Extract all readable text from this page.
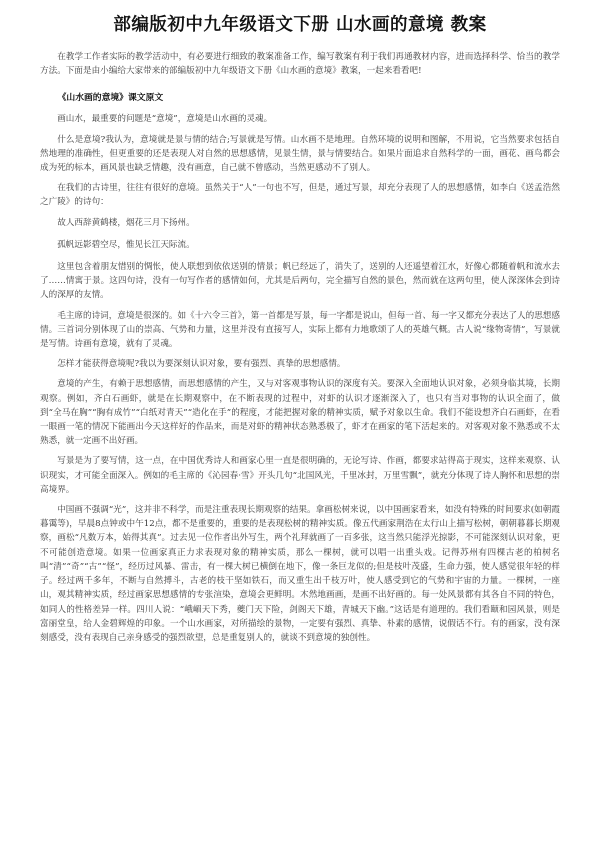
部编版初中九年级语文下册 山水画的意境 教案

在教学工作者实际的教学活动中，有必要进行细致的教案准备工作，编写教案有利于我们再通教材内容，进而选择科学、恰当的教学方法。下面是由小编给大家带来的部编版初中九年级语文下册《山水画的意境》教案，一起来看看吧!

《山水画的意境》课文原文

画山水，最重要的问题是“意境”，意境是山水画的灵魂。

什么是意境?我认为，意境就是景与情的结合;写景就是写情。山水画不是地理。自然环境的说明和图解，不用说，它当然要求包括自然地理的准确性，但更重要的还是表现人对自然的思想感情，见景生情，景与情要结合。如果片面追求自然科学的一面，画花、画鸟都会成为死的标本，画风景也缺乏情趣，没有画意，自己就不曾感动，当然更感动不了别人。

在我们的古诗里，往往有很好的意境。虽然关于“人”一句也不写，但是，通过写景，却充分表现了人的思想感情，如李白《送孟浩然之广陵》的诗句：

故人西辞黄鹤楼，烟花三月下扬州。

孤帆远影碧空尽，惟见长江天际流。

这里包含着朋友惜别的惆怅，使人联想到依依送别的情景；帆已经远了，消失了，送别的人还遥望着江水，好像心都随着帆和流水去了……情寓于景。这四句诗，没有一句写作者的感情如何，尤其是后两句，完全描写自然的景色，然而就在这两句里，使人深深体会到诗人的深厚的友情。

毛主席的诗词，意境是很深的。如《十六令三首》，第一首都是写景，每一字都是说山，但每一首、每一字又都充分表达了人的思想感情。三首词分别体现了山的崇高、气势和力量，这里并没有直接写人，实际上都有力地歌颂了人的英雄气概。古人说“缘物寄情”，写景就是写情。诗画有意境，就有了灵魂。

怎样才能获得意境呢?我以为要深刻认识对象，要有强烈、真挚的思想感情。

意境的产生，有赖于思想感情，而思想感情的产生，又与对客观事物认识的深度有关。要深入全面地认识对象，必须身临其境，长期观察。例如，齐白石画虾，就是在长期观察中，在不断表现的过程中，对虾的认识才逐渐深入了，也只有当对事物的认识全面了，做到“全马在胸”“胸有成竹”“白纸对青天”“造化在手”的程度，才能把握对象的精神实质，赋予对象以生命。我们不能设想齐白石画虾，在看一眼画一笔的情况下能画出今天这样好的作品来，而是对虾的精神状态熟悉极了，虾才在画家的笔下活起来的。对客观对象不熟悉或不太熟悉，就一定画不出好画。

写景是为了要写情，这一点，在中国优秀诗人和画家心里一直是很明确的，无论写诗、作画，都要求站得高于现实，这样来观察、认识现实，才可能全面深入。例如的毛主席的《沁园春·雪》开头几句“北国风光，千里冰封，万里雪飘”，就充分体现了诗人胸怀和思想的崇高境界。

中国画不强调“光”，这并非不科学，而是注重表现长期观察的结果。拿画松树来说，以中国画家看来，如没有特殊的时间要求(如朝霞暮霭等)，早晨8点钟或中午12点，都不是重要的，重要的是表现松树的精神实质。像五代画家荆浩在太行山上描写松树，朝朝暮暮长期观察，画松“凡数万本，始得其真”。过去见一位作者出外写生，两个礼拜就画了一百多张，这当然只能浮光掠影，不可能深刻认识对象，更不可能创造意境。如果一位画家真正力求表现对象的精神实质，那么一棵树，就可以唱一出重头戏。记得苏州有四棵古老的柏树名叫“清”“奇”“古”“怪”，经历过风暴、雷击，有一棵大树已横倒在地下，像一条巨龙似的;但是枝叶茂盛，生命力强，使人感觉很年轻的样子。经过两千多年，不断与自然搏斗，古老的枝干坚如铁石，而又重生出千枝万叶，使人感受到它的气势和宇宙的力量。一棵树，一座山，观其精神实质，经过画家思想感情的专张渲染，意境会更鲜明。木然地画画，是画不出好画的。每一处风景都有其各自不同的特色，如同人的性格差异一样。四川人说：“峨嵋天下秀，夔门天下险，剑阁天下雄，青城天下幽。”这话是有道理的。我们看颐和园风景，则是富丽堂皇，给人金碧辉煌的印象。一个山水画家，对所描绘的景物，一定要有强烈、真挚、朴素的感情，说假话不行。有的画家，没有深刻感受，没有表现自己亲身感受的强烈欲望，总是重复别人的，就谈不到意境的独创性。
